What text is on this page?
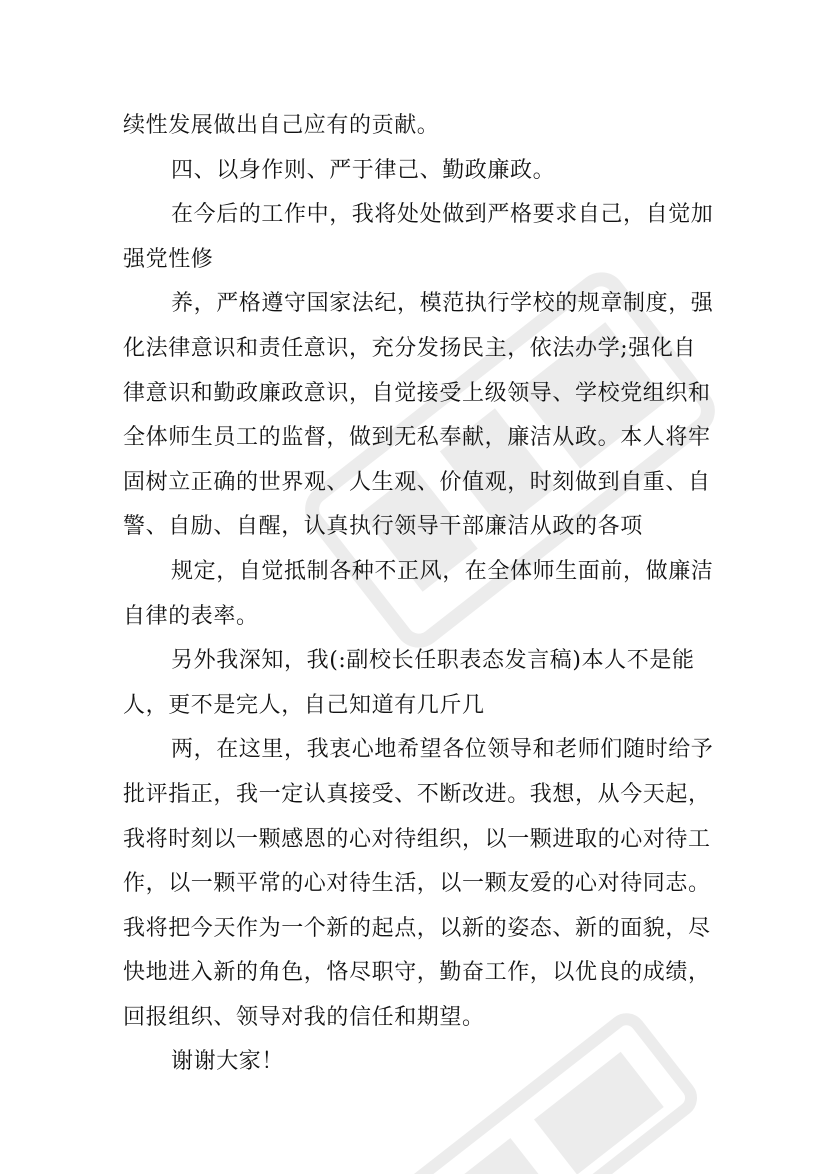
续性发展做出自己应有的贡献。
四、以身作则、严于律己、勤政廉政。
在今后的工作中，我将处处做到严格要求自己，自觉加
强党性修
养，严格遵守国家法纪，模范执行学校的规章制度，强
化法律意识和责任意识，充分发扬民主，依法办学;强化自
律意识和勤政廉政意识，自觉接受上级领导、学校党组织和
全体师生员工的监督，做到无私奉献，廉洁从政。本人将牢
固树立正确的世界观、人生观、价值观，时刻做到自重、自
警、自励、自醒，认真执行领导干部廉洁从政的各项
规定，自觉抵制各种不正风，在全体师生面前，做廉洁
自律的表率。
另外我深知，我(:副校长任职表态发言稿)本人不是能
人，更不是完人，自己知道有几斤几
两，在这里，我衷心地希望各位领导和老师们随时给予
批评指正，我一定认真接受、不断改进。我想，从今天起，
我将时刻以一颗感恩的心对待组织，以一颗进取的心对待工
作，以一颗平常的心对待生活，以一颗友爱的心对待同志。
我将把今天作为一个新的起点，以新的姿态、新的面貌，尽
快地进入新的角色，恪尽职守，勤奋工作，以优良的成绩，
回报组织、领导对我的信任和期望。
谢谢大家！
